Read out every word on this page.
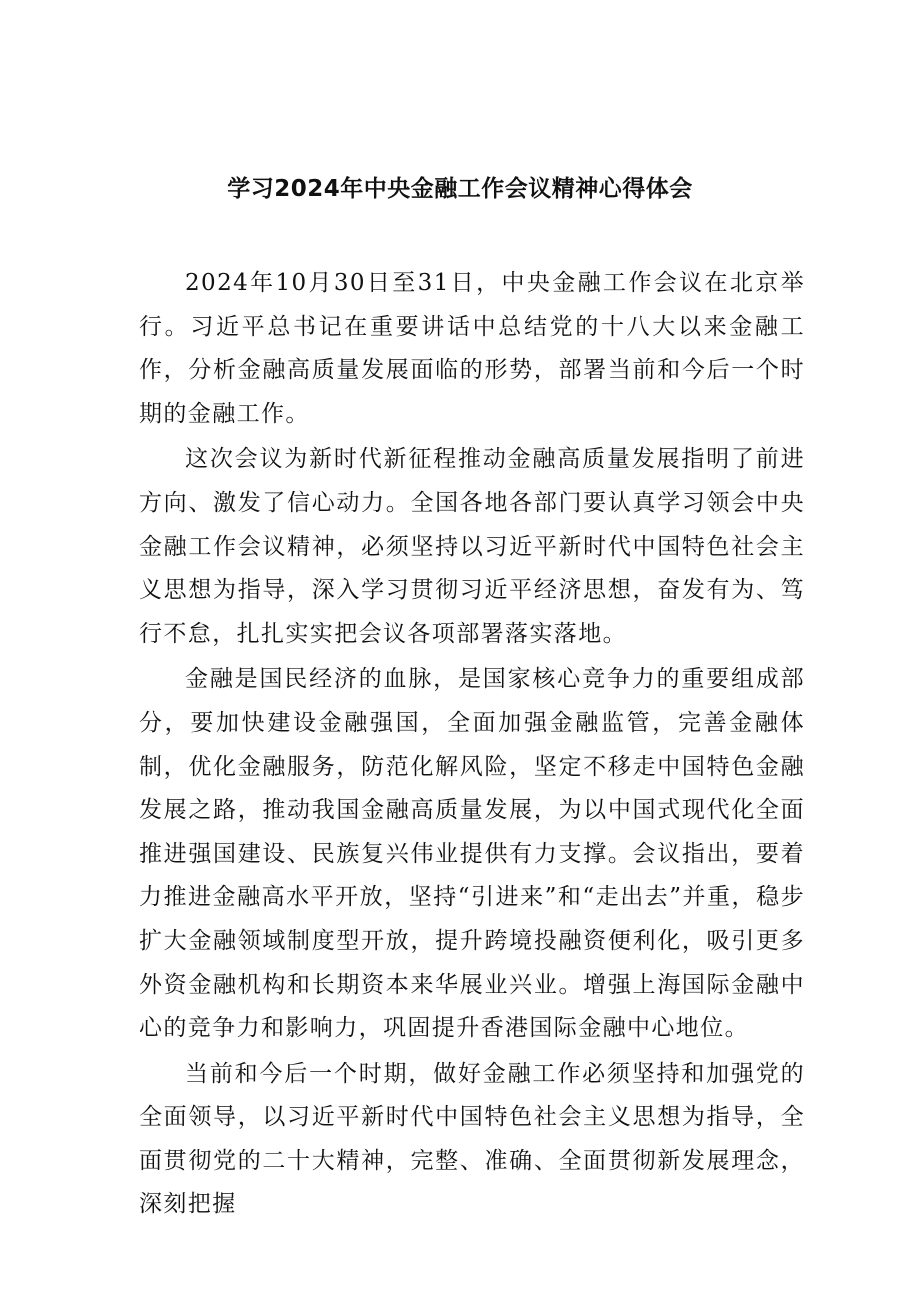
学习2024年中央金融工作会议精神心得体会

2024年10月30日至31日，中央金融工作会议在北京举行。习近平总书记在重要讲话中总结党的十八大以来金融工作，分析金融高质量发展面临的形势，部署当前和今后一个时期的金融工作。

这次会议为新时代新征程推动金融高质量发展指明了前进方向、激发了信心动力。全国各地各部门要认真学习领会中央金融工作会议精神，必须坚持以习近平新时代中国特色社会主义思想为指导，深入学习贯彻习近平经济思想，奋发有为、笃行不怠，扎扎实实把会议各项部署落实落地。

金融是国民经济的血脉，是国家核心竞争力的重要组成部分，要加快建设金融强国，全面加强金融监管，完善金融体制，优化金融服务，防范化解风险，坚定不移走中国特色金融发展之路，推动我国金融高质量发展，为以中国式现代化全面推进强国建设、民族复兴伟业提供有力支撑。会议指出，要着力推进金融高水平开放，坚持“引进来”和“走出去”并重，稳步扩大金融领域制度型开放，提升跨境投融资便利化，吸引更多外资金融机构和长期资本来华展业兴业。增强上海国际金融中心的竞争力和影响力，巩固提升香港国际金融中心地位。

当前和今后一个时期，做好金融工作必须坚持和加强党的全面领导，以习近平新时代中国特色社会主义思想为指导，全面贯彻党的二十大精神，完整、准确、全面贯彻新发展理念，深刻把握
